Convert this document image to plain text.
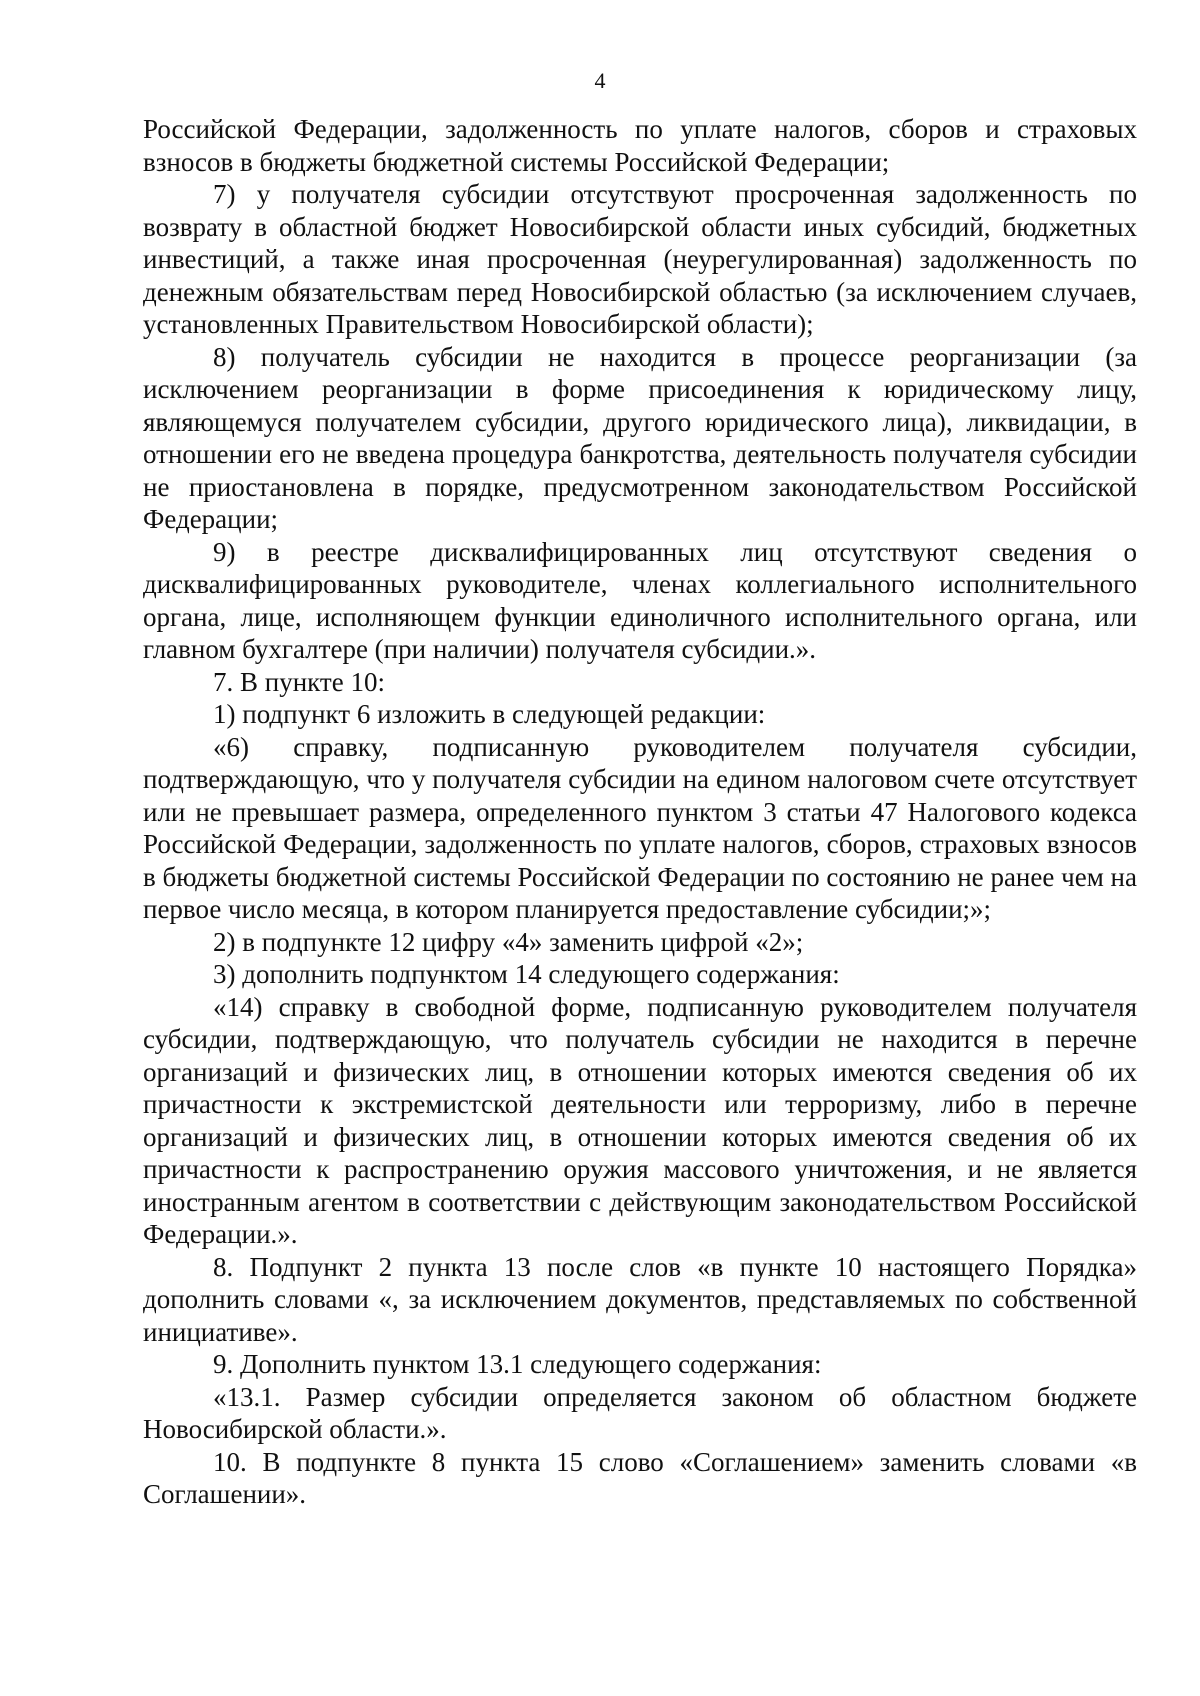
4

Российской Федерации, задолженность по уплате налогов, сборов и страховых взносов в бюджеты бюджетной системы Российской Федерации;

7) у получателя субсидии отсутствуют просроченная задолженность по возврату в областной бюджет Новосибирской области иных субсидий, бюджетных инвестиций, а также иная просроченная (неурегулированная) задолженность по денежным обязательствам перед Новосибирской областью (за исключением случаев, установленных Правительством Новосибирской области);

8) получатель субсидии не находится в процессе реорганизации (за исключением реорганизации в форме присоединения к юридическому лицу, являющемуся получателем субсидии, другого юридического лица), ликвидации, в отношении его не введена процедура банкротства, деятельность получателя субсидии не приостановлена в порядке, предусмотренном законодательством Российской Федерации;

9) в реестре дисквалифицированных лиц отсутствуют сведения о дисквалифицированных руководителе, членах коллегиального исполнительного органа, лице, исполняющем функции единоличного исполнительного органа, или главном бухгалтере (при наличии) получателя субсидии.».

7. В пункте 10:

1) подпункт 6 изложить в следующей редакции:

«6) справку, подписанную руководителем получателя субсидии, подтверждающую, что у получателя субсидии на едином налоговом счете отсутствует или не превышает размера, определенного пунктом 3 статьи 47 Налогового кодекса Российской Федерации, задолженность по уплате налогов, сборов, страховых взносов в бюджеты бюджетной системы Российской Федерации по состоянию не ранее чем на первое число месяца, в котором планируется предоставление субсидии;»;

2) в подпункте 12 цифру «4» заменить цифрой «2»;

3) дополнить подпунктом 14 следующего содержания:

«14) справку в свободной форме, подписанную руководителем получателя субсидии, подтверждающую, что получатель субсидии не находится в перечне организаций и физических лиц, в отношении которых имеются сведения об их причастности к экстремистской деятельности или терроризму, либо в перечне организаций и физических лиц, в отношении которых имеются сведения об их причастности к распространению оружия массового уничтожения, и не является иностранным агентом в соответствии с действующим законодательством Российской Федерации.».

8. Подпункт 2 пункта 13 после слов «в пункте 10 настоящего Порядка» дополнить словами «, за исключением документов, представляемых по собственной инициативе».

9. Дополнить пунктом 13.1 следующего содержания:

«13.1. Размер субсидии определяется законом об областном бюджете Новосибирской области.».

10. В подпункте 8 пункта 15 слово «Соглашением» заменить словами «в Соглашении».
